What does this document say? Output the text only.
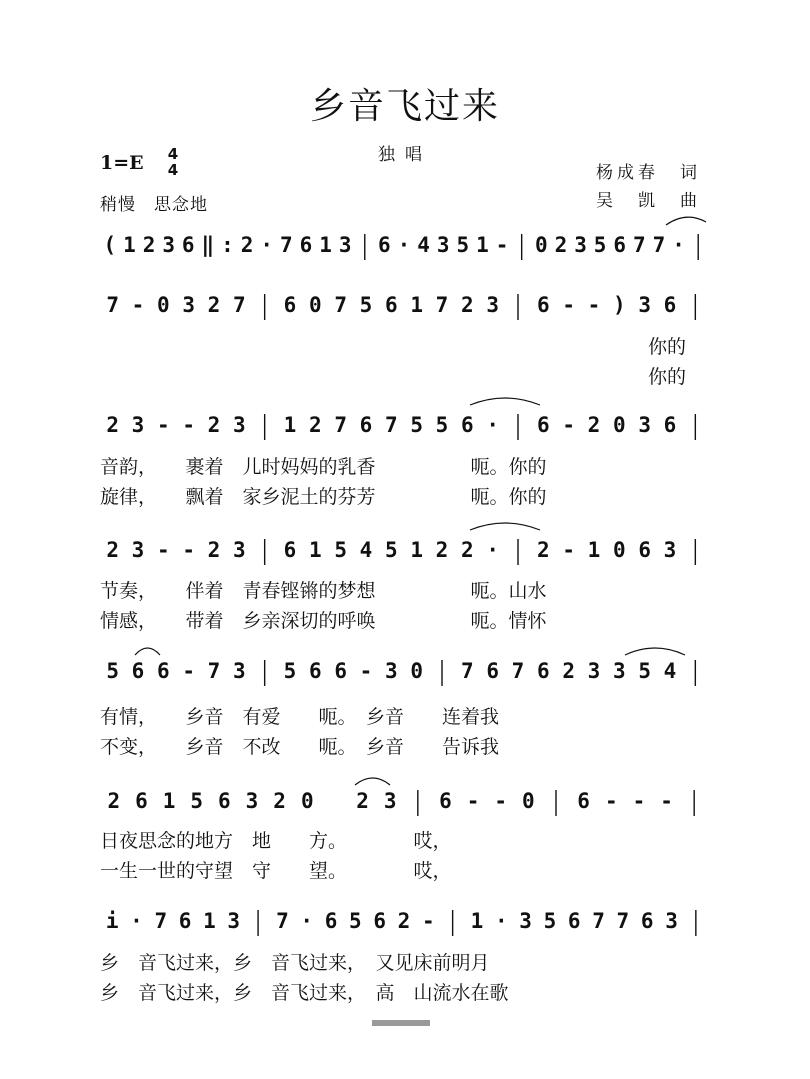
乡音飞过来
独唱
1=E	4
4
稍慢　思念地
杨成春　词
吴　凯　曲
( 1 2 3 6 ‖ : 2 · 7 6 1 3 6 · 4 3 5 1 - 0 2 3 5 6 7 7 ·
7 - 0 3 2 7 6 0 7 5 6 1 7 2 3 6 - - ) 3 6
2 3 - - 2 3 1 2 7 6 7 5 5 6 · 6 - 2 0 3 6
2 3 - - 2 3 6 1 5 4 5 1 2 2 · 2 - 1 0 6 3
5 6 6 - 7 3 5 6 6 - 3 0 7 6 7 6 2 3 3 5 4
2 6 1 5 6 3 2 0 2 3 6 - - 0 6 - - -
i · 7 6 1 3 7 · 6 5 6 2 - 1 · 3 5 6 7 7 6 3
你的
你的
音韵，　　裹着　儿时妈妈的乳香　　　　　呃。你的
旋律，　　飘着　家乡泥土的芬芳　　　　　呃。你的
节奏，　　伴着　青春铿锵的梦想　　　　　呃。山水
情感，　　带着　乡亲深切的呼唤　　　　　呃。情怀
有情，　　乡音　有爱　　呃。　乡音　　连着我
不变，　　乡音　不改　　呃。　乡音　　告诉我
日夜思念的地方　地　　方。　　　　哎，
一生一世的守望　守　　望。　　　　哎，
乡　音飞过来，乡　音飞过来，　又见床前明月
乡　音飞过来，乡　音飞过来，　高　山流水在歌
